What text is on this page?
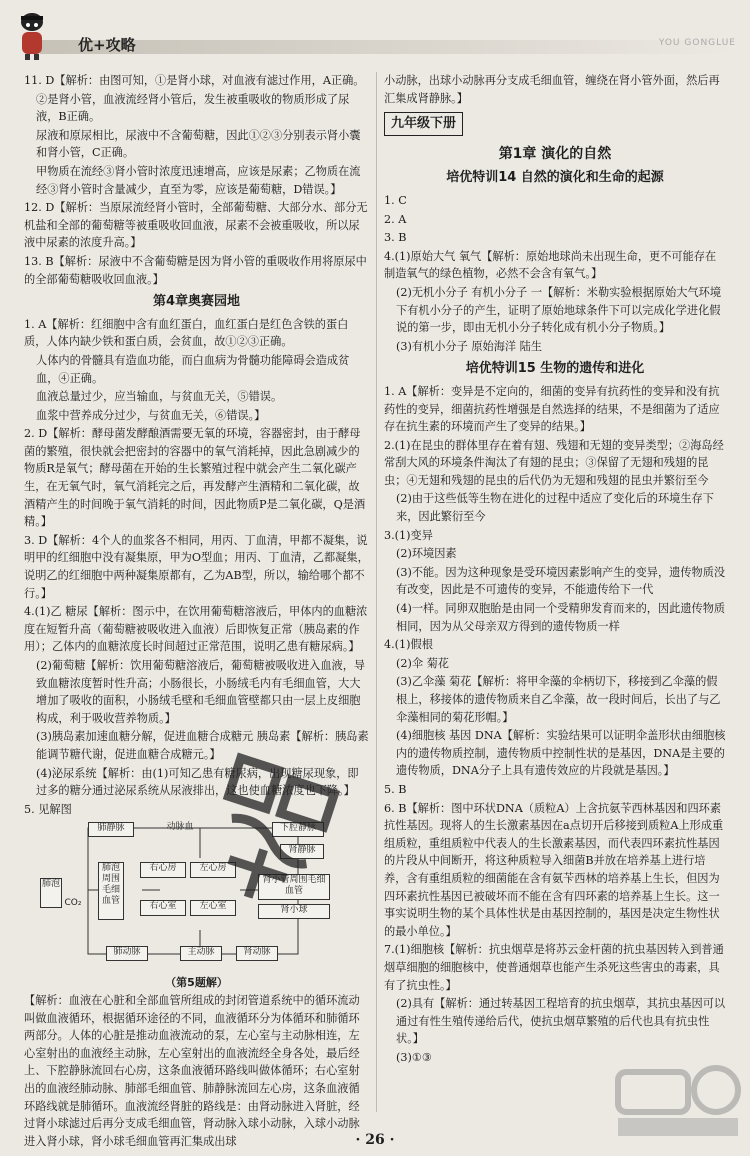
优+攻略	YOU GONGLUE

11. D【解析：由图可知，①是肾小球，对血液有滤过作用，A正确。

②是肾小管，血液流经肾小管后，发生被重吸收的物质形成了尿液，B正确。

尿液和原尿相比，尿液中不含葡萄糖，因此①②③分别表示肾小囊和肾小管，C正确。

甲物质在流经③肾小管时浓度迅速增高，应该是尿素；乙物质在流经③肾小管时含量减少，直至为零，应该是葡萄糖，D错误。】

12. D【解析：当原尿流经肾小管时，全部葡萄糖、大部分水、部分无机盐和全部的葡萄糖等被重吸收回血液，尿素不会被重吸收，所以尿液中尿素的浓度升高。】

13. B【解析：尿液中不含葡萄糖是因为肾小管的重吸收作用将原尿中的全部葡萄糖吸收回血液。】

第4章奥赛园地

1. A【解析：红细胞中含有血红蛋白，血红蛋白是红色含铁的蛋白质，人体内缺少铁和蛋白质，会贫血，故①②③正确。

人体内的骨髓具有造血功能，而白血病为骨髓功能障碍会造成贫血，④正确。

血液总量过少，应当输血，与贫血无关，⑤错误。

血浆中营养成分过少，与贫血无关，⑥错误。】

2. D【解析：酵母菌发酵酿酒需要无氧的环境，容器密封，由于酵母菌的繁殖，很快就会把密封的容器中的氧气消耗掉，因此急剧减少的物质R是氧气；酵母菌在开始的生长繁殖过程中就会产生二氧化碳产生，在无氧气时，氧气消耗完之后，再发酵产生酒精和二氧化碳，故酒精产生的时间晚于氧气消耗的时间，因此物质P是二氧化碳，Q是酒精。】

3. D【解析：4个人的血浆各不相同，用丙、丁血清，甲都不凝集，说明甲的红细胞中没有凝集原，甲为O型血；用丙、丁血清，乙都凝集，说明乙的红细胞中两种凝集原都有，乙为AB型，所以，输给哪个都不行。】

4.(1)乙 糖尿【解析：图示中，在饮用葡萄糖溶液后，甲体内的血糖浓度在短暂升高（葡萄糖被吸收进入血液）后即恢复正常（胰岛素的作用）；乙体内的血糖浓度长时间超过正常范围，说明乙患有糖尿病。】

(2)葡萄糖【解析：饮用葡萄糖溶液后，葡萄糖被吸收进入血液，导致血糖浓度暂时性升高；小肠很长，小肠绒毛内有毛细血管，大大增加了吸收的面积，小肠绒毛壁和毛细血管壁都只由一层上皮细胞构成，利于吸收营养物质。】

(3)胰岛素加速血糖分解，促进血糖合成糖元 胰岛素【解析：胰岛素能调节糖代谢，促进血糖合成糖元。】

(4)泌尿系统【解析：由(1)可知乙患有糖尿病，出现糖尿现象，即过多的糖分通过泌尿系统从尿液排出，这也使血糖浓度也下降。】

5. 见解图

肺静脉	动脉血	下腔静脉
肾静脉
肺泡
CO₂
肺泡周围毛细血管
右心房
右心室
左心房
左心室
肾小管周围毛细血管
肾小球
肺动脉	主动脉	肾动脉
（第5题解）

【解析：血液在心脏和全部血管所组成的封闭管道系统中的循环流动叫做血液循环，根据循环途径的不同，血液循环分为体循环和肺循环两部分。人体的心脏是推动血液流动的泵，左心室与主动脉相连，左心室射出的血液经主动脉，左心室射出的血液流经全身各处，最后经上、下腔静脉流回右心房，这条血液循环路线叫做体循环；右心室射出的血液经肺动脉、肺部毛细血管、肺静脉流回左心房，这条血液循环路线就是肺循环。血液流经肾脏的路线是：由肾动脉进入肾脏，经过肾小球滤过后再分支成毛细血管，肾动脉入球小动脉，入球小动脉进入肾小球，肾小球毛细血管再汇集成出球

小动脉，出球小动脉再分支成毛细血管，缠绕在肾小管外面，然后再汇集成肾静脉。】

九年级下册
第1章 演化的自然
培优特训14 自然的演化和生命的起源

1. C

2. A

3. B

4.(1)原始大气 氧气【解析：原始地球尚未出现生命，更不可能存在制造氧气的绿色植物，必然不会含有氧气。】

(2)无机小分子 有机小分子 一【解析：米勒实验根据原始大气环境下有机小分子的产生，证明了原始地球条件下可以完成化学进化假说的第一步，即由无机小分子转化成有机小分子物质。】

(3)有机小分子 原始海洋 陆生

培优特训15 生物的遗传和进化

1. A【解析：变异是不定向的，细菌的变异有抗药性的变异和没有抗药性的变异，细菌抗药性增强是自然选择的结果，不是细菌为了适应存在抗生素的环境而产生了变异的结果。】

2.(1)在昆虫的群体里存在着有翅、残翅和无翅的变异类型；②海岛经常刮大风的环境条件淘汰了有翅的昆虫；③保留了无翅和残翅的昆虫；④无翅和残翅的昆虫的后代仍为无翅和残翅的昆虫并繁衍至今

(2)由于这些低等生物在进化的过程中适应了变化后的环境生存下来，因此繁衍至今

3.(1)变异

(2)环境因素

(3)不能。因为这种现象是受环境因素影响产生的变异，遗传物质没有改变，因此是不可遗传的变异，不能遗传给下一代

(4)一样。同卵双胞胎是由同一个受精卵发育而来的，因此遗传物质相同，因为从父母亲双方得到的遗传物质一样

4.(1)假根

(2)伞 菊花

(3)乙伞藻 菊花【解析：将甲伞藻的伞柄切下，移接到乙伞藻的假根上，移接体的遗传物质来自乙伞藻，故一段时间后，长出了与乙伞藻相同的菊花形帽。】

(4)细胞核 基因 DNA【解析：实验结果可以证明伞盖形状由细胞核内的遗传物质控制，遗传物质中控制性状的是基因，DNA是主要的遗传物质，DNA分子上具有遗传效应的片段就是基因。】

5. B

6. B【解析：图中环状DNA（质粒A）上含抗氨苄西林基因和四环素抗性基因。现将人的生长激素基因在a点切开后移接到质粒A上形成重组质粒，重组质粒中代表人的生长激素基因，而代表四环素抗性基因的片段从中间断开，将这种质粒导入细菌B并放在培养基上进行培养，含有重组质粒的细菌能在含有氨苄西林的培养基上生长，但因为四环素抗性基因已被破坏而不能在含有四环素的培养基上生长。这一事实说明生物的某个具体性状是由基因控制的，基因是决定生物性状的最小单位。】

7.(1)细胞核【解析：抗虫烟草是将苏云金杆菌的抗虫基因转入到普通烟草细胞的细胞核中，使普通烟草也能产生杀死这些害虫的毒素，具有了抗虫性。】

(2)具有【解析：通过转基因工程培育的抗虫烟草，其抗虫基因可以通过有性生殖传递给后代，使抗虫烟草繁殖的后代也具有抗虫性状。】

(3)①③

· 26 ·
